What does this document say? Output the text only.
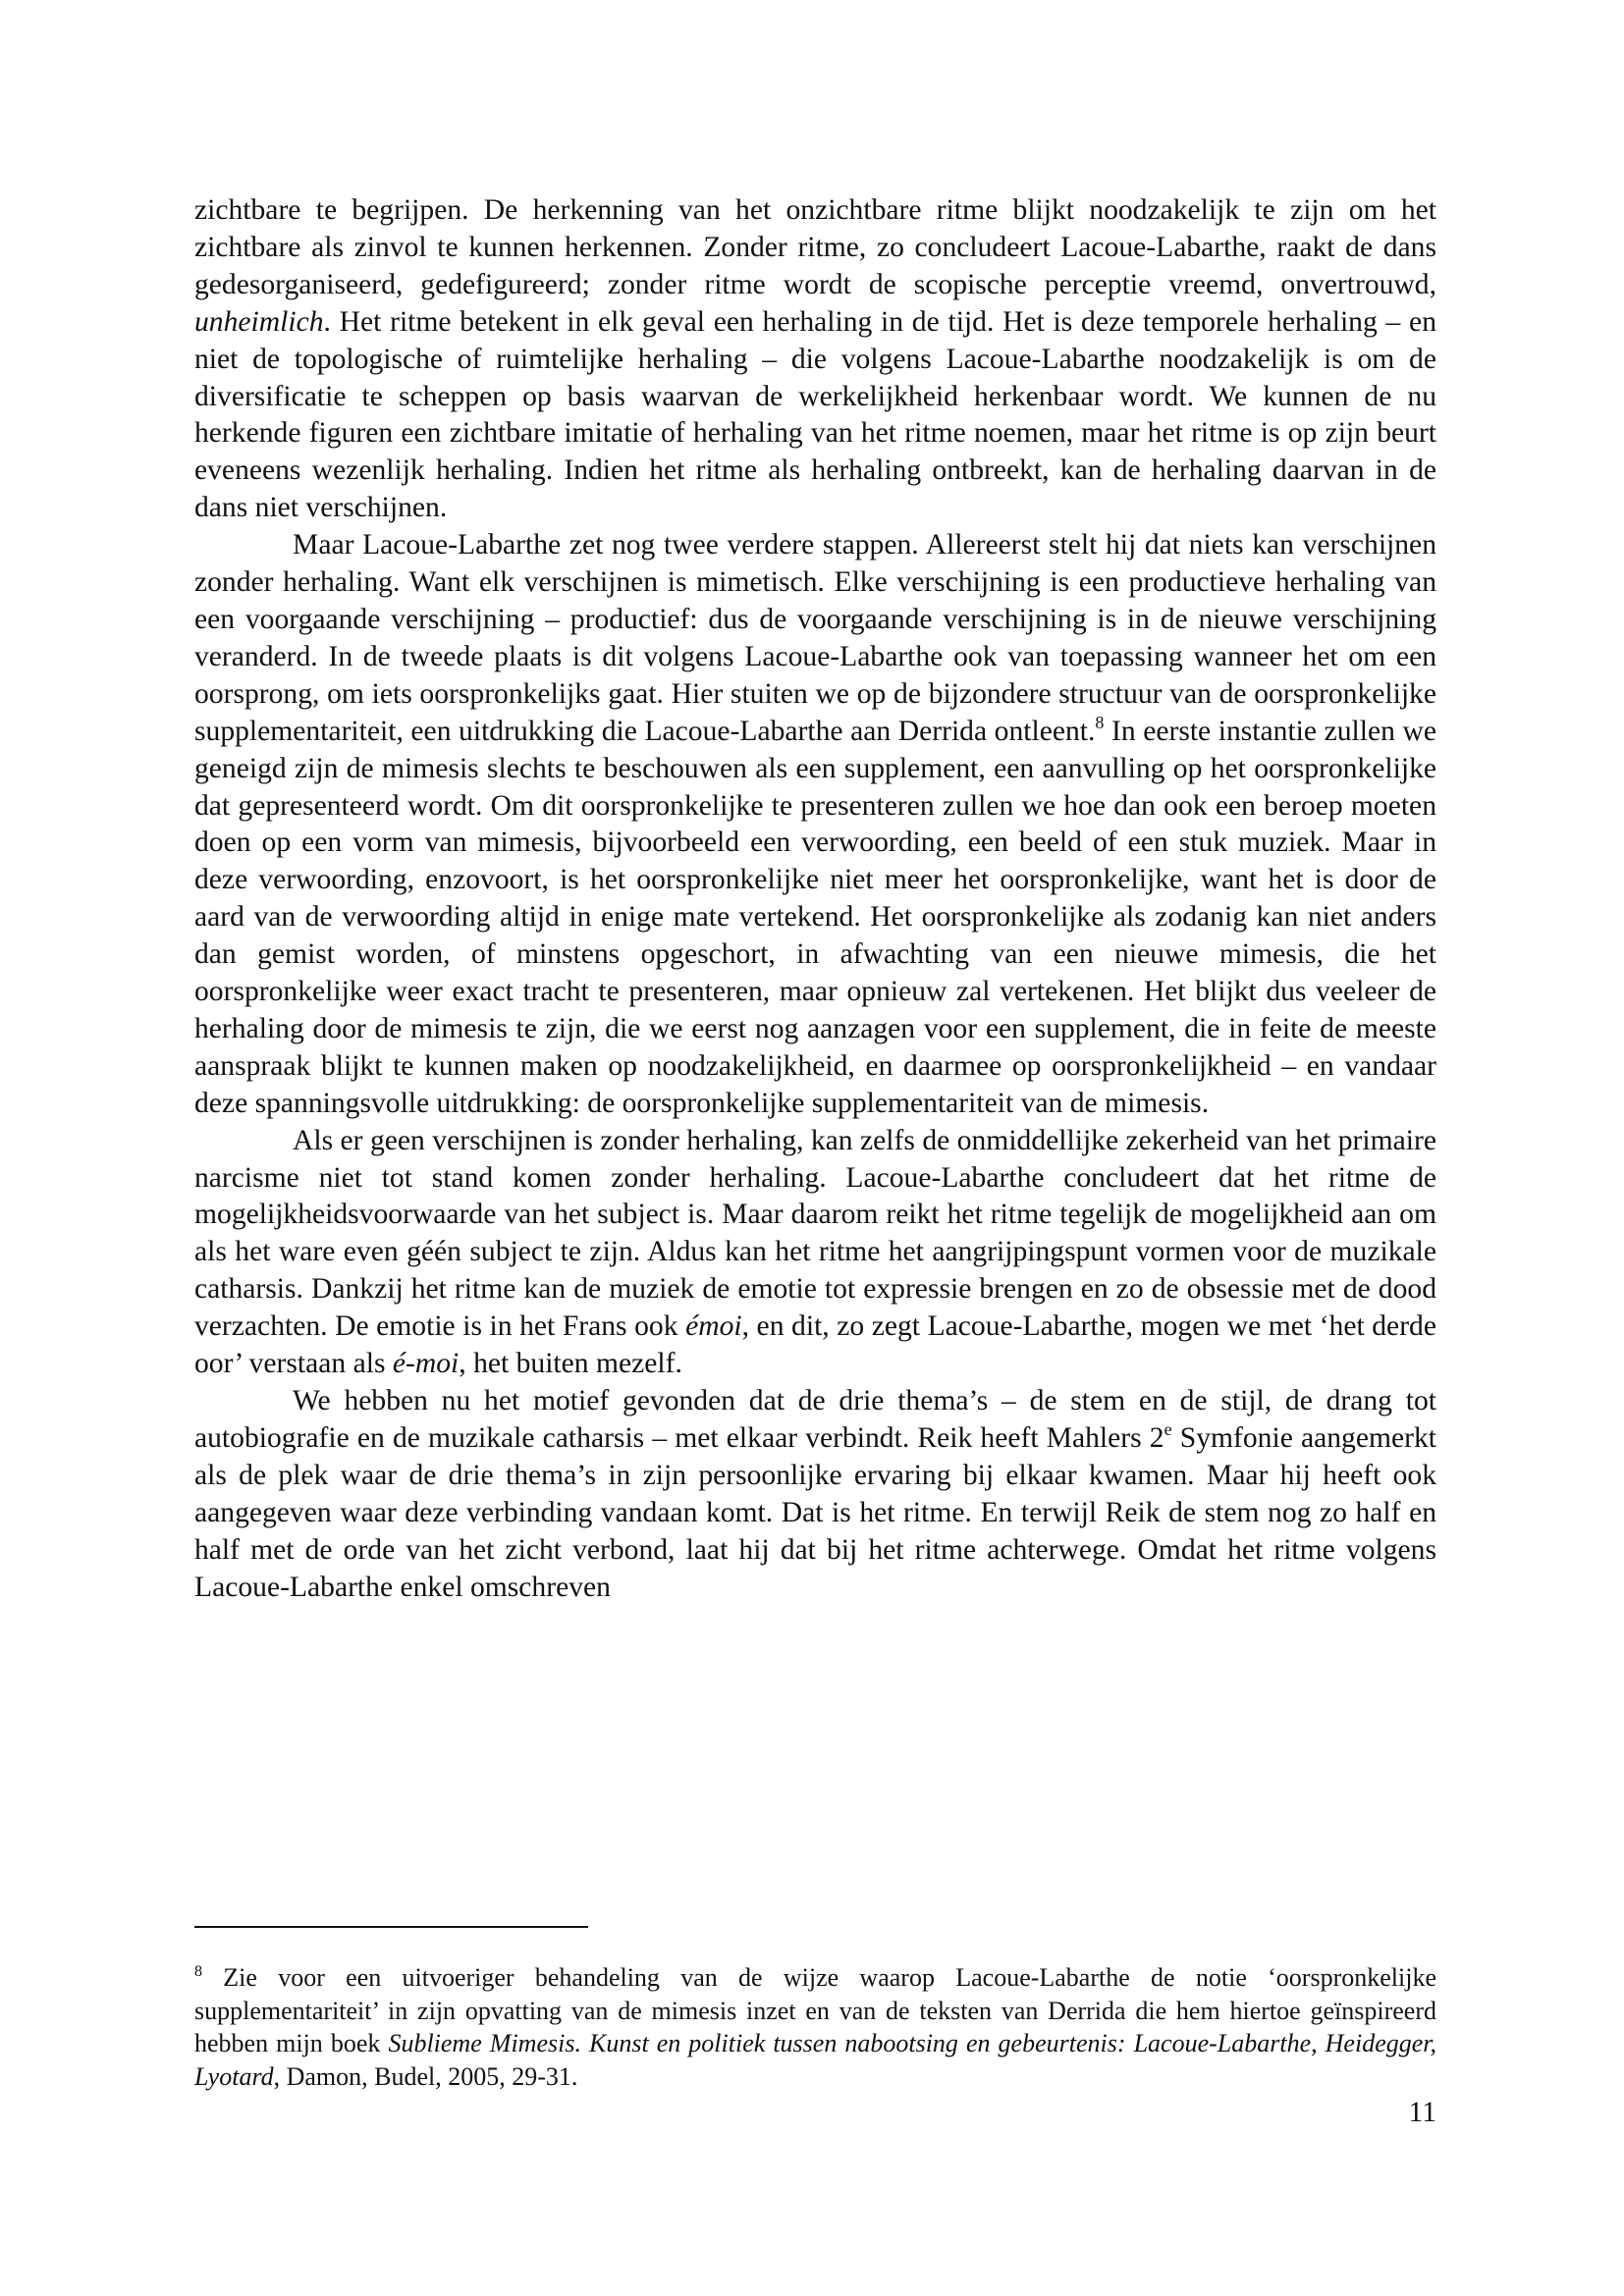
zichtbare te begrijpen. De herkenning van het onzichtbare ritme blijkt noodzakelijk te zijn om het zichtbare als zinvol te kunnen herkennen. Zonder ritme, zo concludeert Lacoue-Labarthe, raakt de dans gedesorganiseerd, gedefigureerd; zonder ritme wordt de scopische perceptie vreemd, onvertrouwd, unheimlich. Het ritme betekent in elk geval een herhaling in de tijd. Het is deze temporele herhaling – en niet de topologische of ruimtelijke herhaling – die volgens Lacoue-Labarthe noodzakelijk is om de diversificatie te scheppen op basis waarvan de werkelijkheid herkenbaar wordt. We kunnen de nu herkende figuren een zichtbare imitatie of herhaling van het ritme noemen, maar het ritme is op zijn beurt eveneens wezenlijk herhaling. Indien het ritme als herhaling ontbreekt, kan de herhaling daarvan in de dans niet verschijnen.

Maar Lacoue-Labarthe zet nog twee verdere stappen. Allereerst stelt hij dat niets kan verschijnen zonder herhaling. Want elk verschijnen is mimetisch. Elke verschijning is een productieve herhaling van een voorgaande verschijning – productief: dus de voorgaande verschijning is in de nieuwe verschijning veranderd. In de tweede plaats is dit volgens Lacoue-Labarthe ook van toepassing wanneer het om een oorsprong, om iets oorspronkelijks gaat. Hier stuiten we op de bijzondere structuur van de oorspronkelijke supplementariteit, een uitdrukking die Lacoue-Labarthe aan Derrida ontleent.$^8$ In eerste instantie zullen we geneigd zijn de mimesis slechts te beschouwen als een supplement, een aanvulling op het oorspronkelijke dat gepresenteerd wordt. Om dit oorspronkelijke te presenteren zullen we hoe dan ook een beroep moeten doen op een vorm van mimesis, bijvoorbeeld een verwoording, een beeld of een stuk muziek. Maar in deze verwoording, enzovoort, is het oorspronkelijke niet meer het oorspronkelijke, want het is door de aard van de verwoording altijd in enige mate vertekend. Het oorspronkelijke als zodanig kan niet anders dan gemist worden, of minstens opgeschort, in afwachting van een nieuwe mimesis, die het oorspronkelijke weer exact tracht te presenteren, maar opnieuw zal vertekenen. Het blijkt dus veeleer de herhaling door de mimesis te zijn, die we eerst nog aanzagen voor een supplement, die in feite de meeste aanspraak blijkt te kunnen maken op noodzakelijkheid, en daarmee op oorspronkelijkheid – en vandaar deze spanningsvolle uitdrukking: de oorspronkelijke supplementariteit van de mimesis.

Als er geen verschijnen is zonder herhaling, kan zelfs de onmiddellijke zekerheid van het primaire narcisme niet tot stand komen zonder herhaling. Lacoue-Labarthe concludeert dat het ritme de mogelijkheidsvoorwaarde van het subject is. Maar daarom reikt het ritme tegelijk de mogelijkheid aan om als het ware even géén subject te zijn. Aldus kan het ritme het aangrijpingspunt vormen voor de muzikale catharsis. Dankzij het ritme kan de muziek de emotie tot expressie brengen en zo de obsessie met de dood verzachten. De emotie is in het Frans ook émoi, en dit, zo zegt Lacoue-Labarthe, mogen we met ‘het derde oor’ verstaan als é-moi, het buiten mezelf.

We hebben nu het motief gevonden dat de drie thema’s – de stem en de stijl, de drang tot autobiografie en de muzikale catharsis – met elkaar verbindt. Reik heeft Mahlers 2e Symfonie aangemerkt als de plek waar de drie thema’s in zijn persoonlijke ervaring bij elkaar kwamen. Maar hij heeft ook aangegeven waar deze verbinding vandaan komt. Dat is het ritme. En terwijl Reik de stem nog zo half en half met de orde van het zicht verbond, laat hij dat bij het ritme achterwege. Omdat het ritme volgens Lacoue-Labarthe enkel omschreven

$^8$ Zie voor een uitvoeriger behandeling van de wijze waarop Lacoue-Labarthe de notie ‘oorspronkelijke supplementariteit’ in zijn opvatting van de mimesis inzet en van de teksten van Derrida die hem hiertoe geïnspireerd hebben mijn boek Sublieme Mimesis. Kunst en politiek tussen nabootsing en gebeurtenis: Lacoue-Labarthe, Heidegger, Lyotard, Damon, Budel, 2005, 29-31.

11
